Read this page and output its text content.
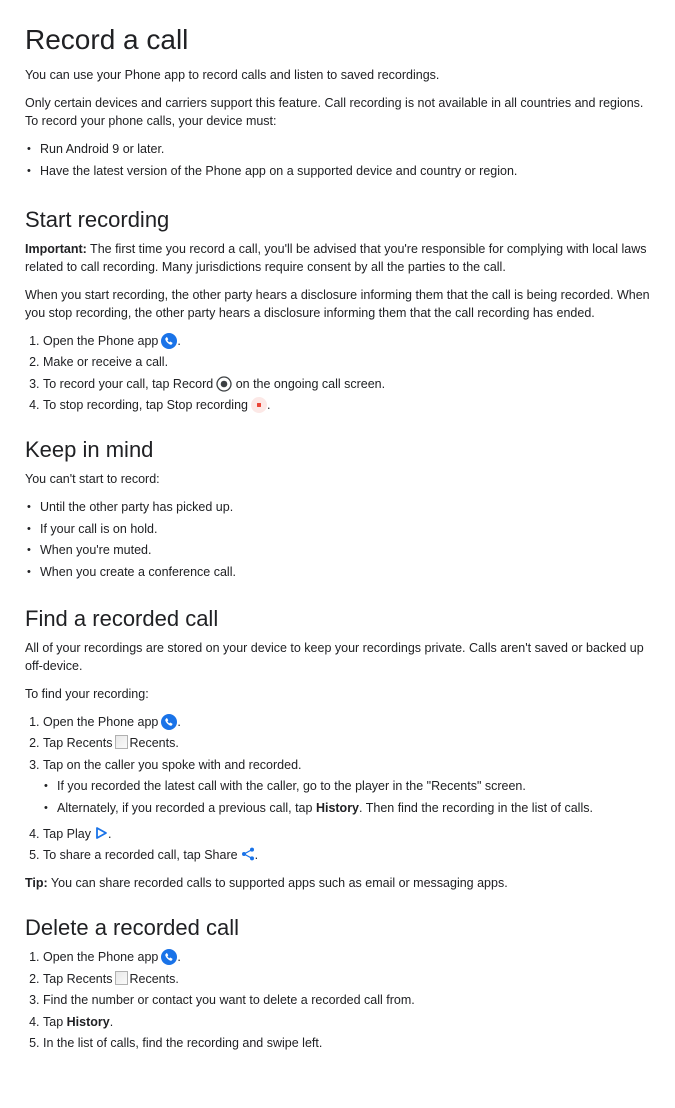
Record a call

You can use your Phone app to record calls and listen to saved recordings.

Only certain devices and carriers support this feature. Call recording is not available in all countries and regions. To record your phone calls, your device must:

• Run Android 9 or later.
• Have the latest version of the Phone app on a supported device and country or region.
Start recording

Important: The first time you record a call, you'll be advised that you're responsible for complying with local laws related to call recording. Many jurisdictions require consent by all the parties to the call.

When you start recording, the other party hears a disclosure informing them that the call is being recorded. When you stop recording, the other party hears a disclosure informing them that the call recording has ended.

1. Open the Phone app .
2. Make or receive a call.
3. To record your call, tap Record on the ongoing call screen.
4. To stop recording, tap Stop recording .
Keep in mind

You can't start to record:

• Until the other party has picked up.
• If your call is on hold.
• When you're muted.
• When you create a conference call.
Find a recorded call

All of your recordings are stored on your device to keep your recordings private. Calls aren't saved or backed up off-device.

To find your recording:

1. Open the Phone app .
2. Tap Recents Recents.
3. Tap on the caller you spoke with and recorded.
• If you recorded the latest call with the caller, go to the player in the "Recents" screen.
• Alternately, if you recorded a previous call, tap History. Then find the recording in the list of calls.
4. Tap Play .
5. To share a recorded call, tap Share .

Tip: You can share recorded calls to supported apps such as email or messaging apps.

Delete a recorded call
1. Open the Phone app .
2. Tap Recents Recents.
3. Find the number or contact you want to delete a recorded call from.
4. Tap History.
5. In the list of calls, find the recording and swipe left.
